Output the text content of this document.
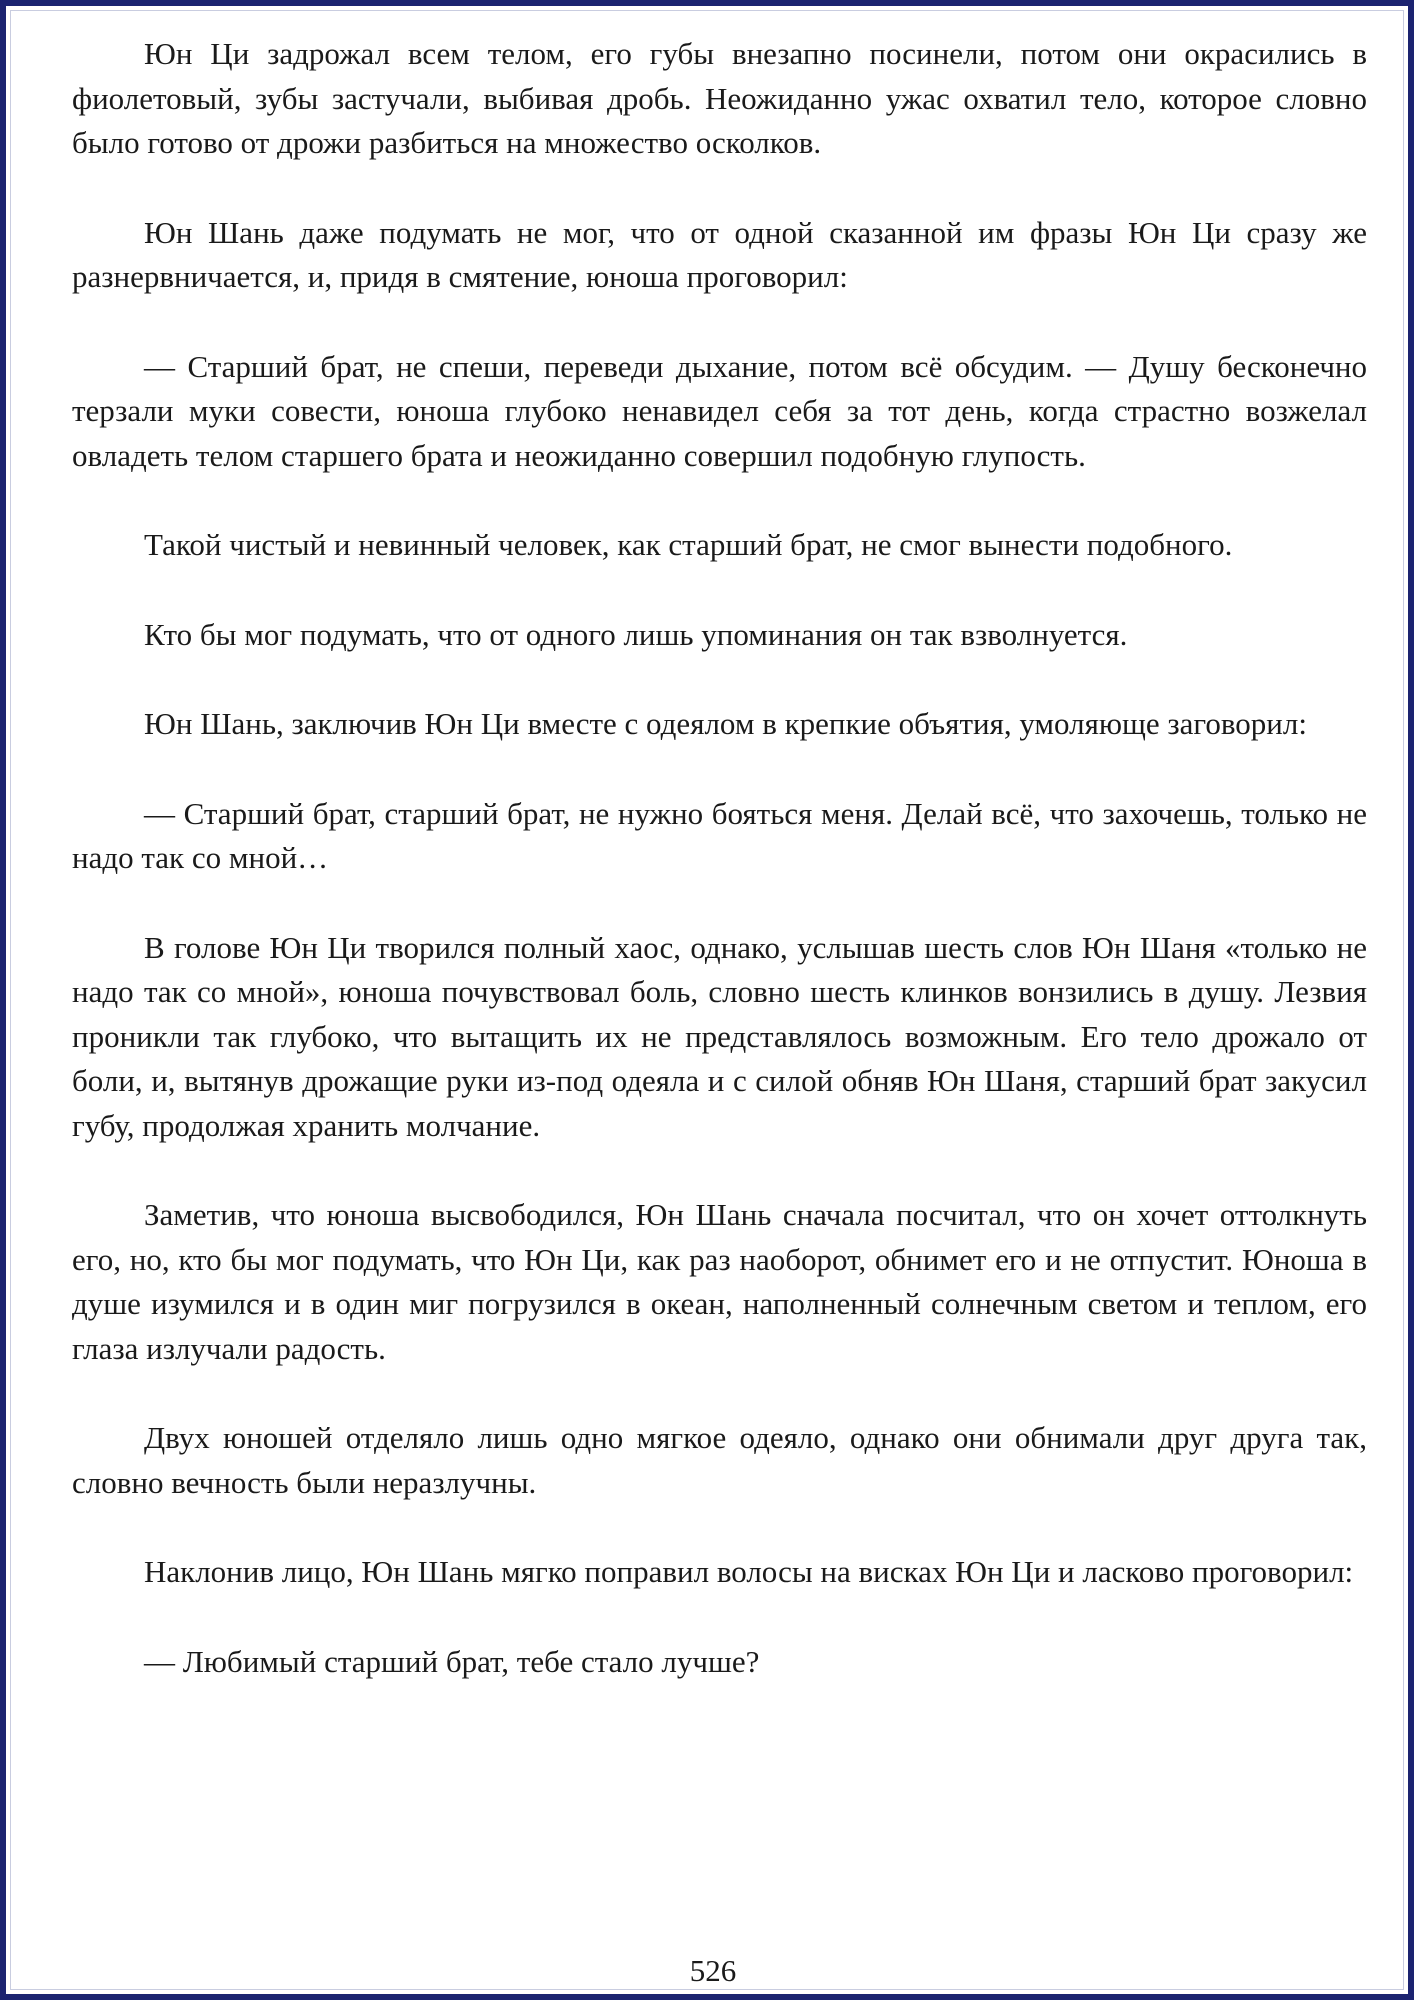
Юн Ци задрожал всем телом, его губы внезапно посинели, потом они окрасились в фиолетовый, зубы застучали, выбивая дробь. Неожиданно ужас охватил тело, которое словно было готово от дрожи разбиться на множество осколков.

Юн Шань даже подумать не мог, что от одной сказанной им фразы Юн Ци сразу же разнервничается, и, придя в смятение, юноша проговорил:

— Старший брат, не спеши, переведи дыхание, потом всё обсудим. — Душу бесконечно терзали муки совести, юноша глубоко ненавидел себя за тот день, когда страстно возжелал овладеть телом старшего брата и неожиданно совершил подобную глупость.

Такой чистый и невинный человек, как старший брат, не смог вынести подобного.

Кто бы мог подумать, что от одного лишь упоминания он так взволнуется.

Юн Шань, заключив Юн Ци вместе с одеялом в крепкие объятия, умоляюще заговорил:

— Старший брат, старший брат, не нужно бояться меня. Делай всё, что захочешь, только не надо так со мной…

В голове Юн Ци творился полный хаос, однако, услышав шесть слов Юн Шаня «только не надо так со мной», юноша почувствовал боль, словно шесть клинков вонзились в душу. Лезвия проникли так глубоко, что вытащить их не представлялось возможным. Его тело дрожало от боли, и, вытянув дрожащие руки из-под одеяла и с силой обняв Юн Шаня, старший брат закусил губу, продолжая хранить молчание.

Заметив, что юноша высвободился, Юн Шань сначала посчитал, что он хочет оттолкнуть его, но, кто бы мог подумать, что Юн Ци, как раз наоборот, обнимет его и не отпустит. Юноша в душе изумился и в один миг погрузился в океан, наполненный солнечным светом и теплом, его глаза излучали радость.

Двух юношей отделяло лишь одно мягкое одеяло, однако они обнимали друг друга так, словно вечность были неразлучны.

Наклонив лицо, Юн Шань мягко поправил волосы на висках Юн Ци и ласково проговорил:

— Любимый старший брат, тебе стало лучше?

526
